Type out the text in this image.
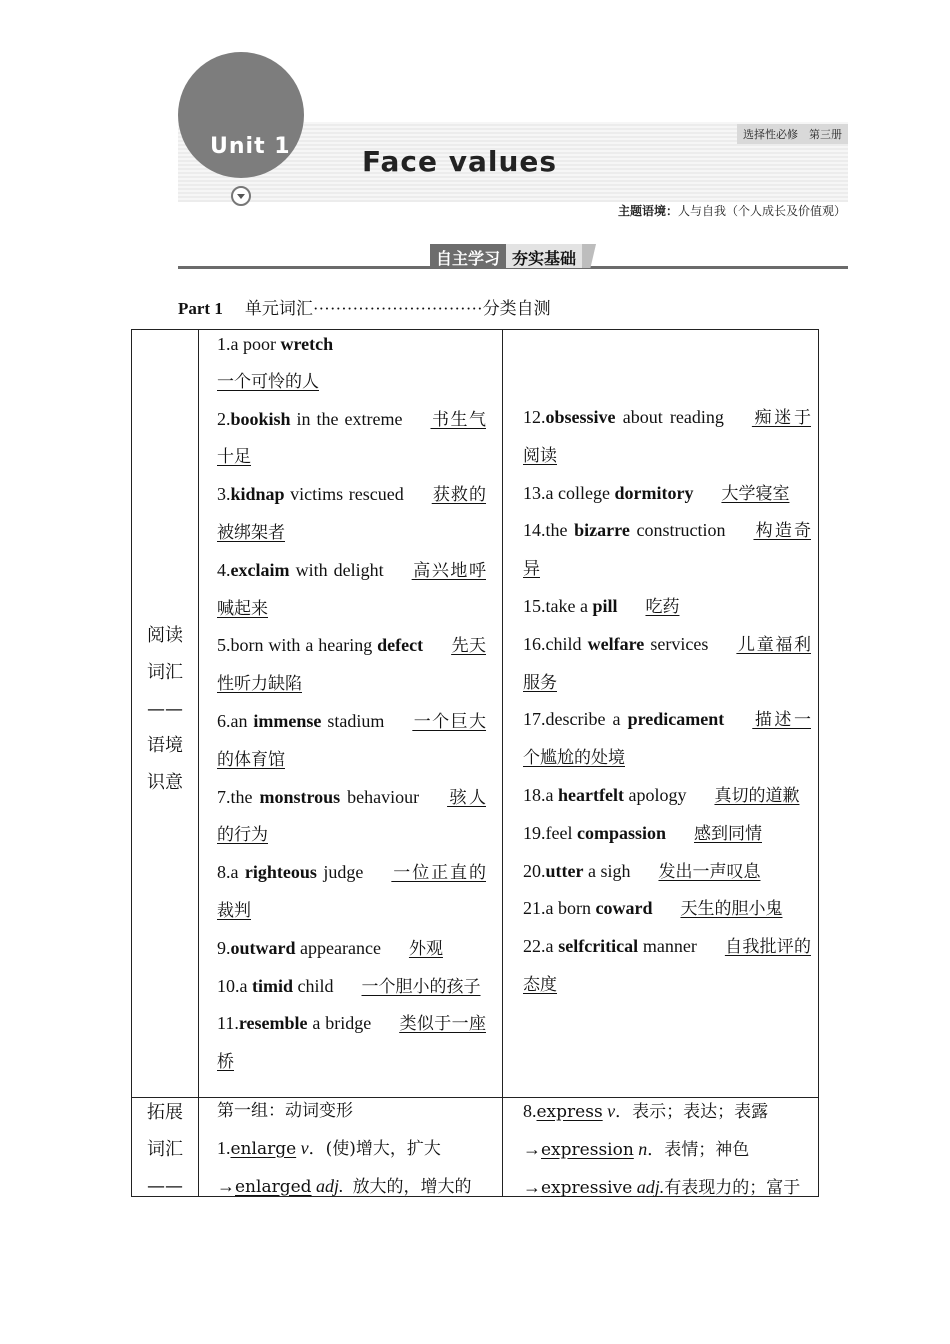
Unit 1	Face values
选择性必修　第三册
主题语境：人与自我（个人成长及价值观）
自主学习 夯实基础
Part 1 单元词汇······························分类自测
阅读
词汇
——
语境
识意
拓展
词汇
——
1.a poor wretch
一个可怜的人
2.bookish in the extreme 书生气十足
3.kidnap victims rescued 获救的被绑架者
4.exclaim with delight 高兴地呼喊起来
5.born with a hearing defect 先天性听力缺陷
6.an immense stadium 一个巨大的体育馆
7.the monstrous behaviour 骇人的行为
8.a righteous judge 一位正直的裁判
9.outward appearance 外观
10.a timid child 一个胆小的孩子
11.resemble a bridge 类似于一座桥
12.obsessive about reading 痴迷于阅读
13.a college dormitory 大学寝室
14.the bizarre construction 构造奇异
15.take a pill 吃药
16.child welfare services 儿童福利服务
17.describe a predicament 描述一个尴尬的处境
18.a heartfelt apology 真切的道歉
19.feel compassion 感到同情
20.utter a sigh 发出一声叹息
21.a born coward 天生的胆小鬼
22.a selfcritical manner 自我批评的态度
第一组：动词变形
1.enlarge v．(使)增大，扩大
→enlarged adj. 放大的，增大的
8.express v．表示；表达；表露
→expression n．表情；神色
→expressive adj.有表现力的；富于
